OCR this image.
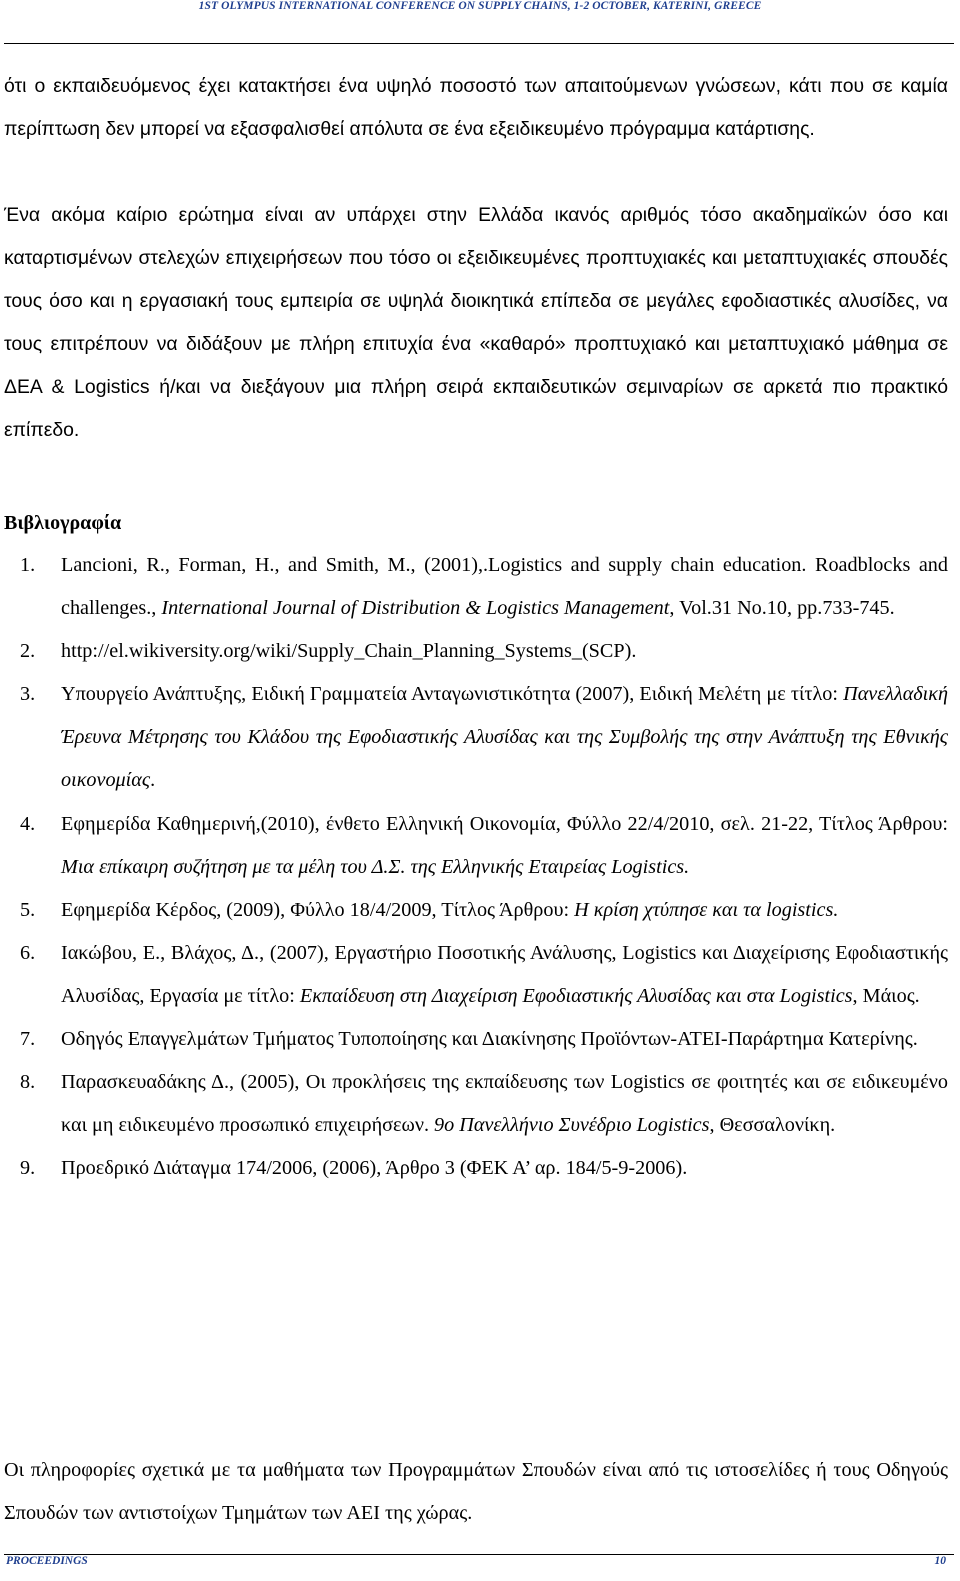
1ST OLYMPUS INTERNATIONAL CONFERENCE ON SUPPLY CHAINS, 1-2 OCTOBER, KATERINI, GREECE

ότι ο εκπαιδευόμενος έχει κατακτήσει ένα υψηλό ποσοστό των απαιτούμενων γνώσεων, κάτι που σε καμία περίπτωση δεν μπορεί να εξασφαλισθεί απόλυτα σε ένα εξειδικευμένο πρόγραμμα κατάρτισης.

Ένα ακόμα καίριο ερώτημα είναι αν υπάρχει στην Ελλάδα ικανός αριθμός τόσο ακαδημαϊκών όσο και καταρτισμένων στελεχών επιχειρήσεων που τόσο οι εξειδικευμένες προπτυχιακές και μεταπτυχιακές σπουδές τους όσο και η εργασιακή τους εμπειρία σε υψηλά διοικητικά επίπεδα σε μεγάλες εφοδιαστικές αλυσίδες, να τους επιτρέπουν να διδάξουν με πλήρη επιτυχία ένα «καθαρό» προπτυχιακό και μεταπτυχιακό μάθημα σε ΔΕΑ & Logistics ή/και να διεξάγουν μια πλήρη σειρά εκπαιδευτικών σεμιναρίων σε αρκετά πιο πρακτικό επίπεδο.

Βιβλιογραφία
1. Lancioni, R., Forman, H., and Smith, M., (2001),.Logistics and supply chain education. Roadblocks and challenges., International Journal of Distribution & Logistics Management, Vol.31 No.10, pp.733-745.
2. http://el.wikiversity.org/wiki/Supply_Chain_Planning_Systems_(SCP).
3. Υπουργείο Ανάπτυξης, Ειδική Γραμματεία Ανταγωνιστικότητα (2007), Ειδική Μελέτη με τίτλο: Πανελλαδική Έρευνα Μέτρησης του Κλάδου της Εφοδιαστικής Αλυσίδας και της Συμβολής της στην Ανάπτυξη της Εθνικής οικονομίας.
4. Εφημερίδα Καθημερινή,(2010), ένθετο Ελληνική Οικονομία, Φύλλο 22/4/2010, σελ. 21-22, Τίτλος Άρθρου: Μια επίκαιρη συζήτηση με τα μέλη του Δ.Σ. της Ελληνικής Εταιρείας Logistics.
5. Εφημερίδα Κέρδος, (2009), Φύλλο 18/4/2009, Τίτλος Άρθρου: Η κρίση χτύπησε και τα logistics.
6. Ιακώβου, Ε., Βλάχος, Δ., (2007), Εργαστήριο Ποσοτικής Ανάλυσης, Logistics και Διαχείρισης Εφοδιαστικής Αλυσίδας, Εργασία με τίτλο: Εκπαίδευση στη Διαχείριση Εφοδιαστικής Αλυσίδας και στα Logistics, Μάιος.
7. Οδηγός Επαγγελμάτων Τμήματος Τυποποίησης και Διακίνησης Προϊόντων-ΑΤΕΙ-Παράρτημα Κατερίνης.
8. Παρασκευαδάκης Δ., (2005), Οι προκλήσεις της εκπαίδευσης των Logistics σε φοιτητές και σε ειδικευμένο και μη ειδικευμένο προσωπικό επιχειρήσεων. 9ο Πανελλήνιο Συνέδριο Logistics, Θεσσαλονίκη.
9. Προεδρικό Διάταγμα 174/2006, (2006), Άρθρο 3 (ΦΕΚ Α’ αρ. 184/5-9-2006).

Οι πληροφορίες σχετικά με τα μαθήματα των Προγραμμάτων Σπουδών είναι από τις ιστοσελίδες ή τους Οδηγούς Σπουδών των αντιστοίχων Τμημάτων των ΑΕΙ της χώρας.

PROCEEDINGS	10
